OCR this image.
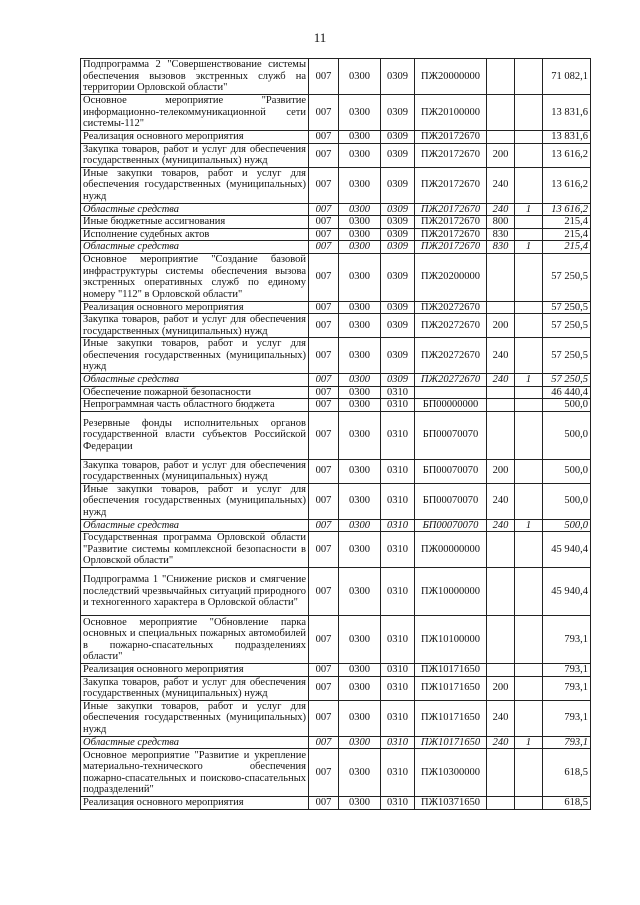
11
Подпрограмма 2 "Совершенствование системы обеспечения вызовов экстренных служб на территории Орловской области"	007	0300	0309	ПЖ20000000			71 082,1
Основное мероприятие "Развитие информационно-телекоммуникационной сети системы-112"	007	0300	0309	ПЖ20100000			13 831,6
Реализация основного мероприятия	007	0300	0309	ПЖ20172670			13 831,6
Закупка товаров, работ и услуг для обеспечения государственных (муниципальных) нужд	007	0300	0309	ПЖ20172670	200		13 616,2
Иные закупки товаров, работ и услуг для обеспечения государственных (муниципальных) нужд	007	0300	0309	ПЖ20172670	240		13 616,2
Областные средства	007	0300	0309	ПЖ20172670	240	1	13 616,2
Иные бюджетные ассигнования	007	0300	0309	ПЖ20172670	800		215,4
Исполнение судебных актов	007	0300	0309	ПЖ20172670	830		215,4
Областные средства	007	0300	0309	ПЖ20172670	830	1	215,4
Основное мероприятие "Создание базовой инфраструктуры системы обеспечения вызова экстренных оперативных служб по единому номеру "112" в Орловской области"	007	0300	0309	ПЖ20200000			57 250,5
Реализация основного мероприятия	007	0300	0309	ПЖ20272670			57 250,5
Закупка товаров, работ и услуг для обеспечения государственных (муниципальных) нужд	007	0300	0309	ПЖ20272670	200		57 250,5
Иные закупки товаров, работ и услуг для обеспечения государственных (муниципальных) нужд	007	0300	0309	ПЖ20272670	240		57 250,5
Областные средства	007	0300	0309	ПЖ20272670	240	1	57 250,5
Обеспечение пожарной безопасности	007	0300	0310				46 440,4
Непрограммная часть областного бюджета	007	0300	0310	БП00000000			500,0
Резервные фонды исполнительных органов государственной власти субъектов Российской Федерации	007	0300	0310	БП00070070			500,0
Закупка товаров, работ и услуг для обеспечения государственных (муниципальных) нужд	007	0300	0310	БП00070070	200		500,0
Иные закупки товаров, работ и услуг для обеспечения государственных (муниципальных) нужд	007	0300	0310	БП00070070	240		500,0
Областные средства	007	0300	0310	БП00070070	240	1	500,0
Государственная программа Орловской области "Развитие системы комплексной безопасности в Орловской области"	007	0300	0310	ПЖ00000000			45 940,4
Подпрограмма 1 "Снижение рисков и смягчение последствий чрезвычайных ситуаций природного и техногенного характера в Орловской области"	007	0300	0310	ПЖ10000000			45 940,4
Основное мероприятие "Обновление парка основных и специальных пожарных автомобилей в пожарно-спасательных подразделениях области"	007	0300	0310	ПЖ10100000			793,1
Реализация основного мероприятия	007	0300	0310	ПЖ10171650			793,1
Закупка товаров, работ и услуг для обеспечения государственных (муниципальных) нужд	007	0300	0310	ПЖ10171650	200		793,1
Иные закупки товаров, работ и услуг для обеспечения государственных (муниципальных) нужд	007	0300	0310	ПЖ10171650	240		793,1
Областные средства	007	0300	0310	ПЖ10171650	240	1	793,1
Основное мероприятие "Развитие и укрепление материально-технического обеспечения пожарно-спасательных и поисково-спасательных подразделений"	007	0300	0310	ПЖ10300000			618,5
Реализация основного мероприятия	007	0300	0310	ПЖ10371650			618,5
